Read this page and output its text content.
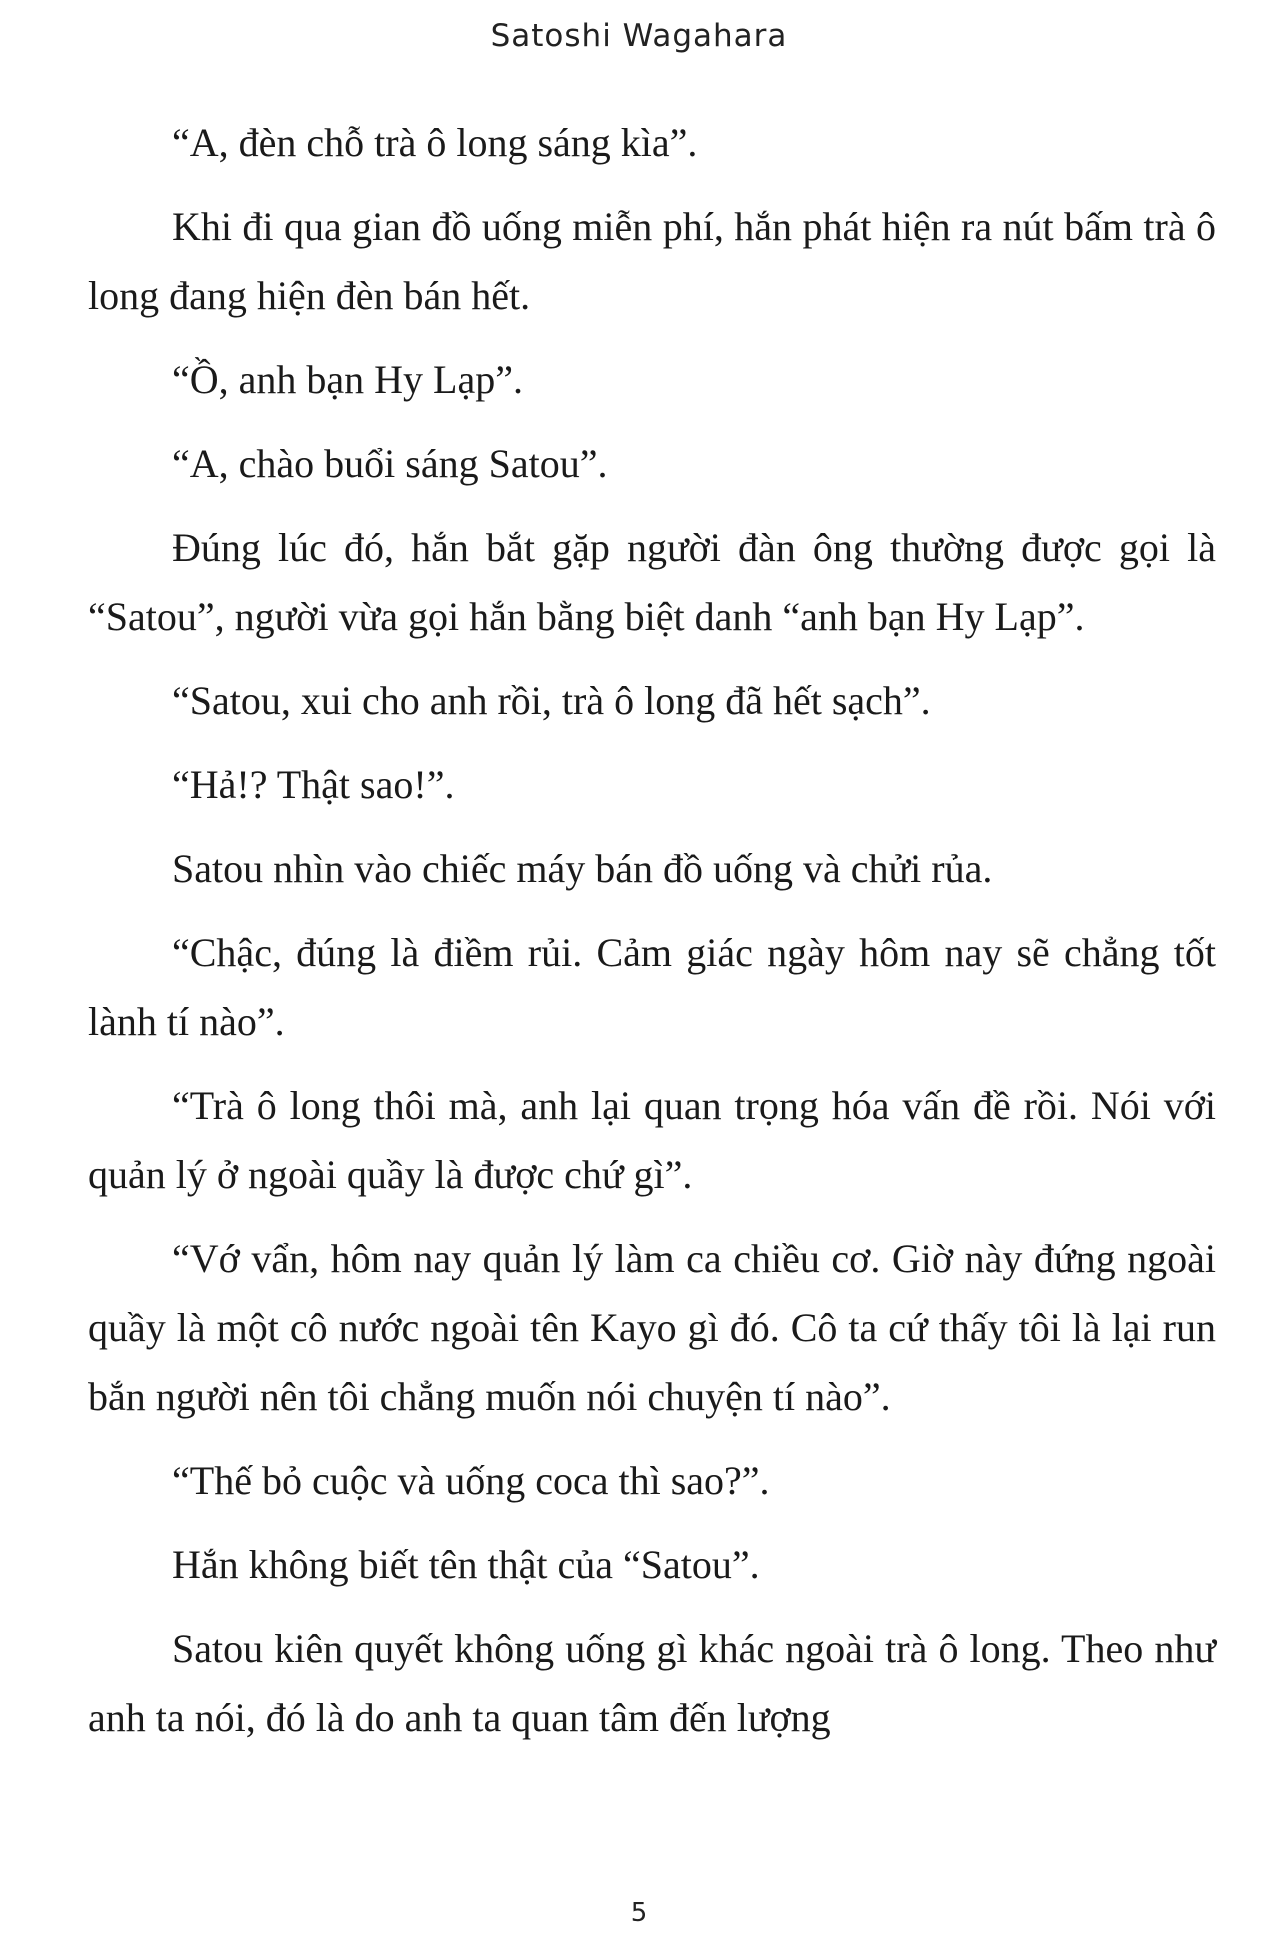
Satoshi Wagahara

“A, đèn chỗ trà ô long sáng kìa”.

Khi đi qua gian đồ uống miễn phí, hắn phát hiện ra nút bấm trà ô long đang hiện đèn bán hết.

“Ồ, anh bạn Hy Lạp”.

“A, chào buổi sáng Satou”.

Đúng lúc đó, hắn bắt gặp người đàn ông thường được gọi là “Satou”, người vừa gọi hắn bằng biệt danh “anh bạn Hy Lạp”.

“Satou, xui cho anh rồi, trà ô long đã hết sạch”.

“Hả!? Thật sao!”.

Satou nhìn vào chiếc máy bán đồ uống và chửi rủa.

“Chậc, đúng là điềm rủi. Cảm giác ngày hôm nay sẽ chẳng tốt lành tí nào”.

“Trà ô long thôi mà, anh lại quan trọng hóa vấn đề rồi. Nói với quản lý ở ngoài quầy là được chứ gì”.

“Vớ vẩn, hôm nay quản lý làm ca chiều cơ. Giờ này đứng ngoài quầy là một cô nước ngoài tên Kayo gì đó. Cô ta cứ thấy tôi là lại run bắn người nên tôi chẳng muốn nói chuyện tí nào”.

“Thế bỏ cuộc và uống coca thì sao?”.

Hắn không biết tên thật của “Satou”.

Satou kiên quyết không uống gì khác ngoài trà ô long. Theo như anh ta nói, đó là do anh ta quan tâm đến lượng

5
